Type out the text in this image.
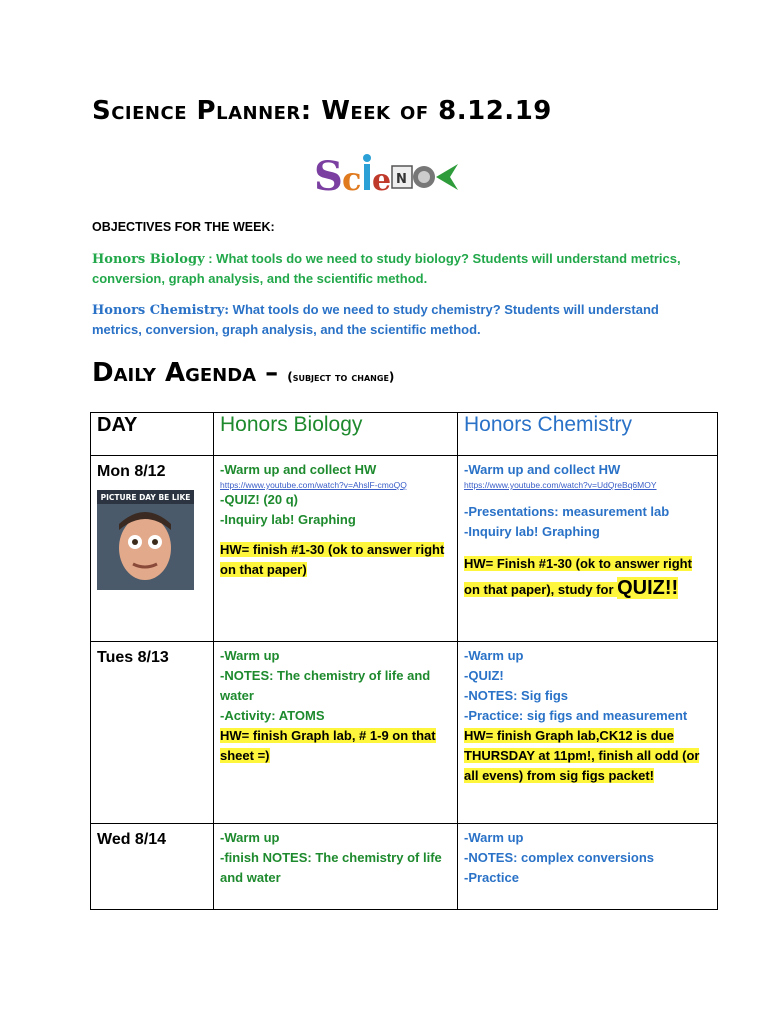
Science Planner: Week of 8.12.19
S c e N
OBJECTIVES FOR THE WEEK:
Honors Biology : What tools do we need to study biology? Students will understand metrics, conversion, graph analysis, and the scientific method.
Honors Chemistry: What tools do we need to study chemistry? Students will understand metrics, conversion, graph analysis, and the scientific method.
Daily Agenda – (subject to change)
DAY	Honors Biology	Honors Chemistry

Mon 8/12
PICTURE DAY BE LIKE	-Warm up and collect HW
https://www.youtube.com/watch?v=AhslF-cmoQQ
-QUIZ! (20 q)
-Inquiry lab! Graphing
HW= finish #1-30 (ok to answer right on that paper)	-Warm up and collect HW
https://www.youtube.com/watch?v=UdQreBq6MOY
-Presentations: measurement lab
-Inquiry lab! Graphing
HW= Finish #1-30 (ok to answer right on that paper), study for QUIZ!!

Tues 8/13	-Warm up
-NOTES: The chemistry of life and water
-Activity: ATOMS
HW= finish Graph lab, # 1-9 on that sheet =)	-Warm up
-QUIZ!
-NOTES: Sig figs
-Practice: sig figs and measurement
HW= finish Graph lab,CK12 is due THURSDAY at 11pm!, finish all odd (or all evens) from sig figs packet!

Wed 8/14	-Warm up
-finish NOTES: The chemistry of life and water	-Warm up
-NOTES: complex conversions
-Practice
